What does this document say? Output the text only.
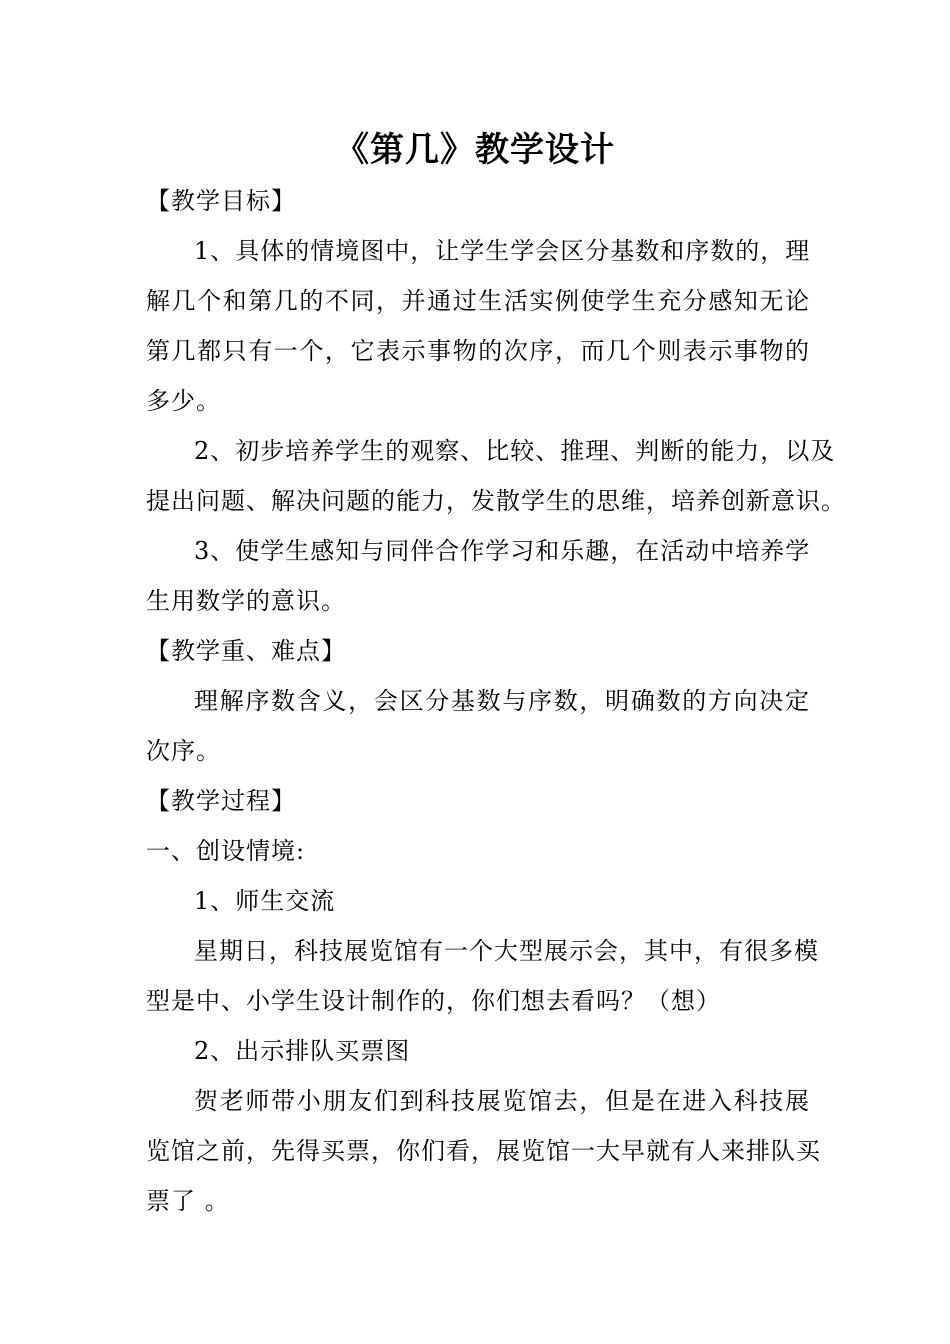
《第几》教学设计
【教学目标】
1、具体的情境图中，让学生学会区分基数和序数的，理
解几个和第几的不同，并通过生活实例使学生充分感知无论
第几都只有一个，它表示事物的次序，而几个则表示事物的
多少。
2、初步培养学生的观察、比较、推理、判断的能力，以及
提出问题、解决问题的能力，发散学生的思维，培养创新意识。
3、使学生感知与同伴合作学习和乐趣，在活动中培养学
生用数学的意识。
【教学重、难点】
理解序数含义，会区分基数与序数，明确数的方向决定
次序。
【教学过程】
一、创设情境:
1、师生交流
星期日，科技展览馆有一个大型展示会，其中，有很多模
型是中、小学生设计制作的，你们想去看吗？（想）
2、出示排队买票图
贺老师带小朋友们到科技展览馆去，但是在进入科技展
览馆之前，先得买票，你们看，展览馆一大早就有人来排队买
票了 。
